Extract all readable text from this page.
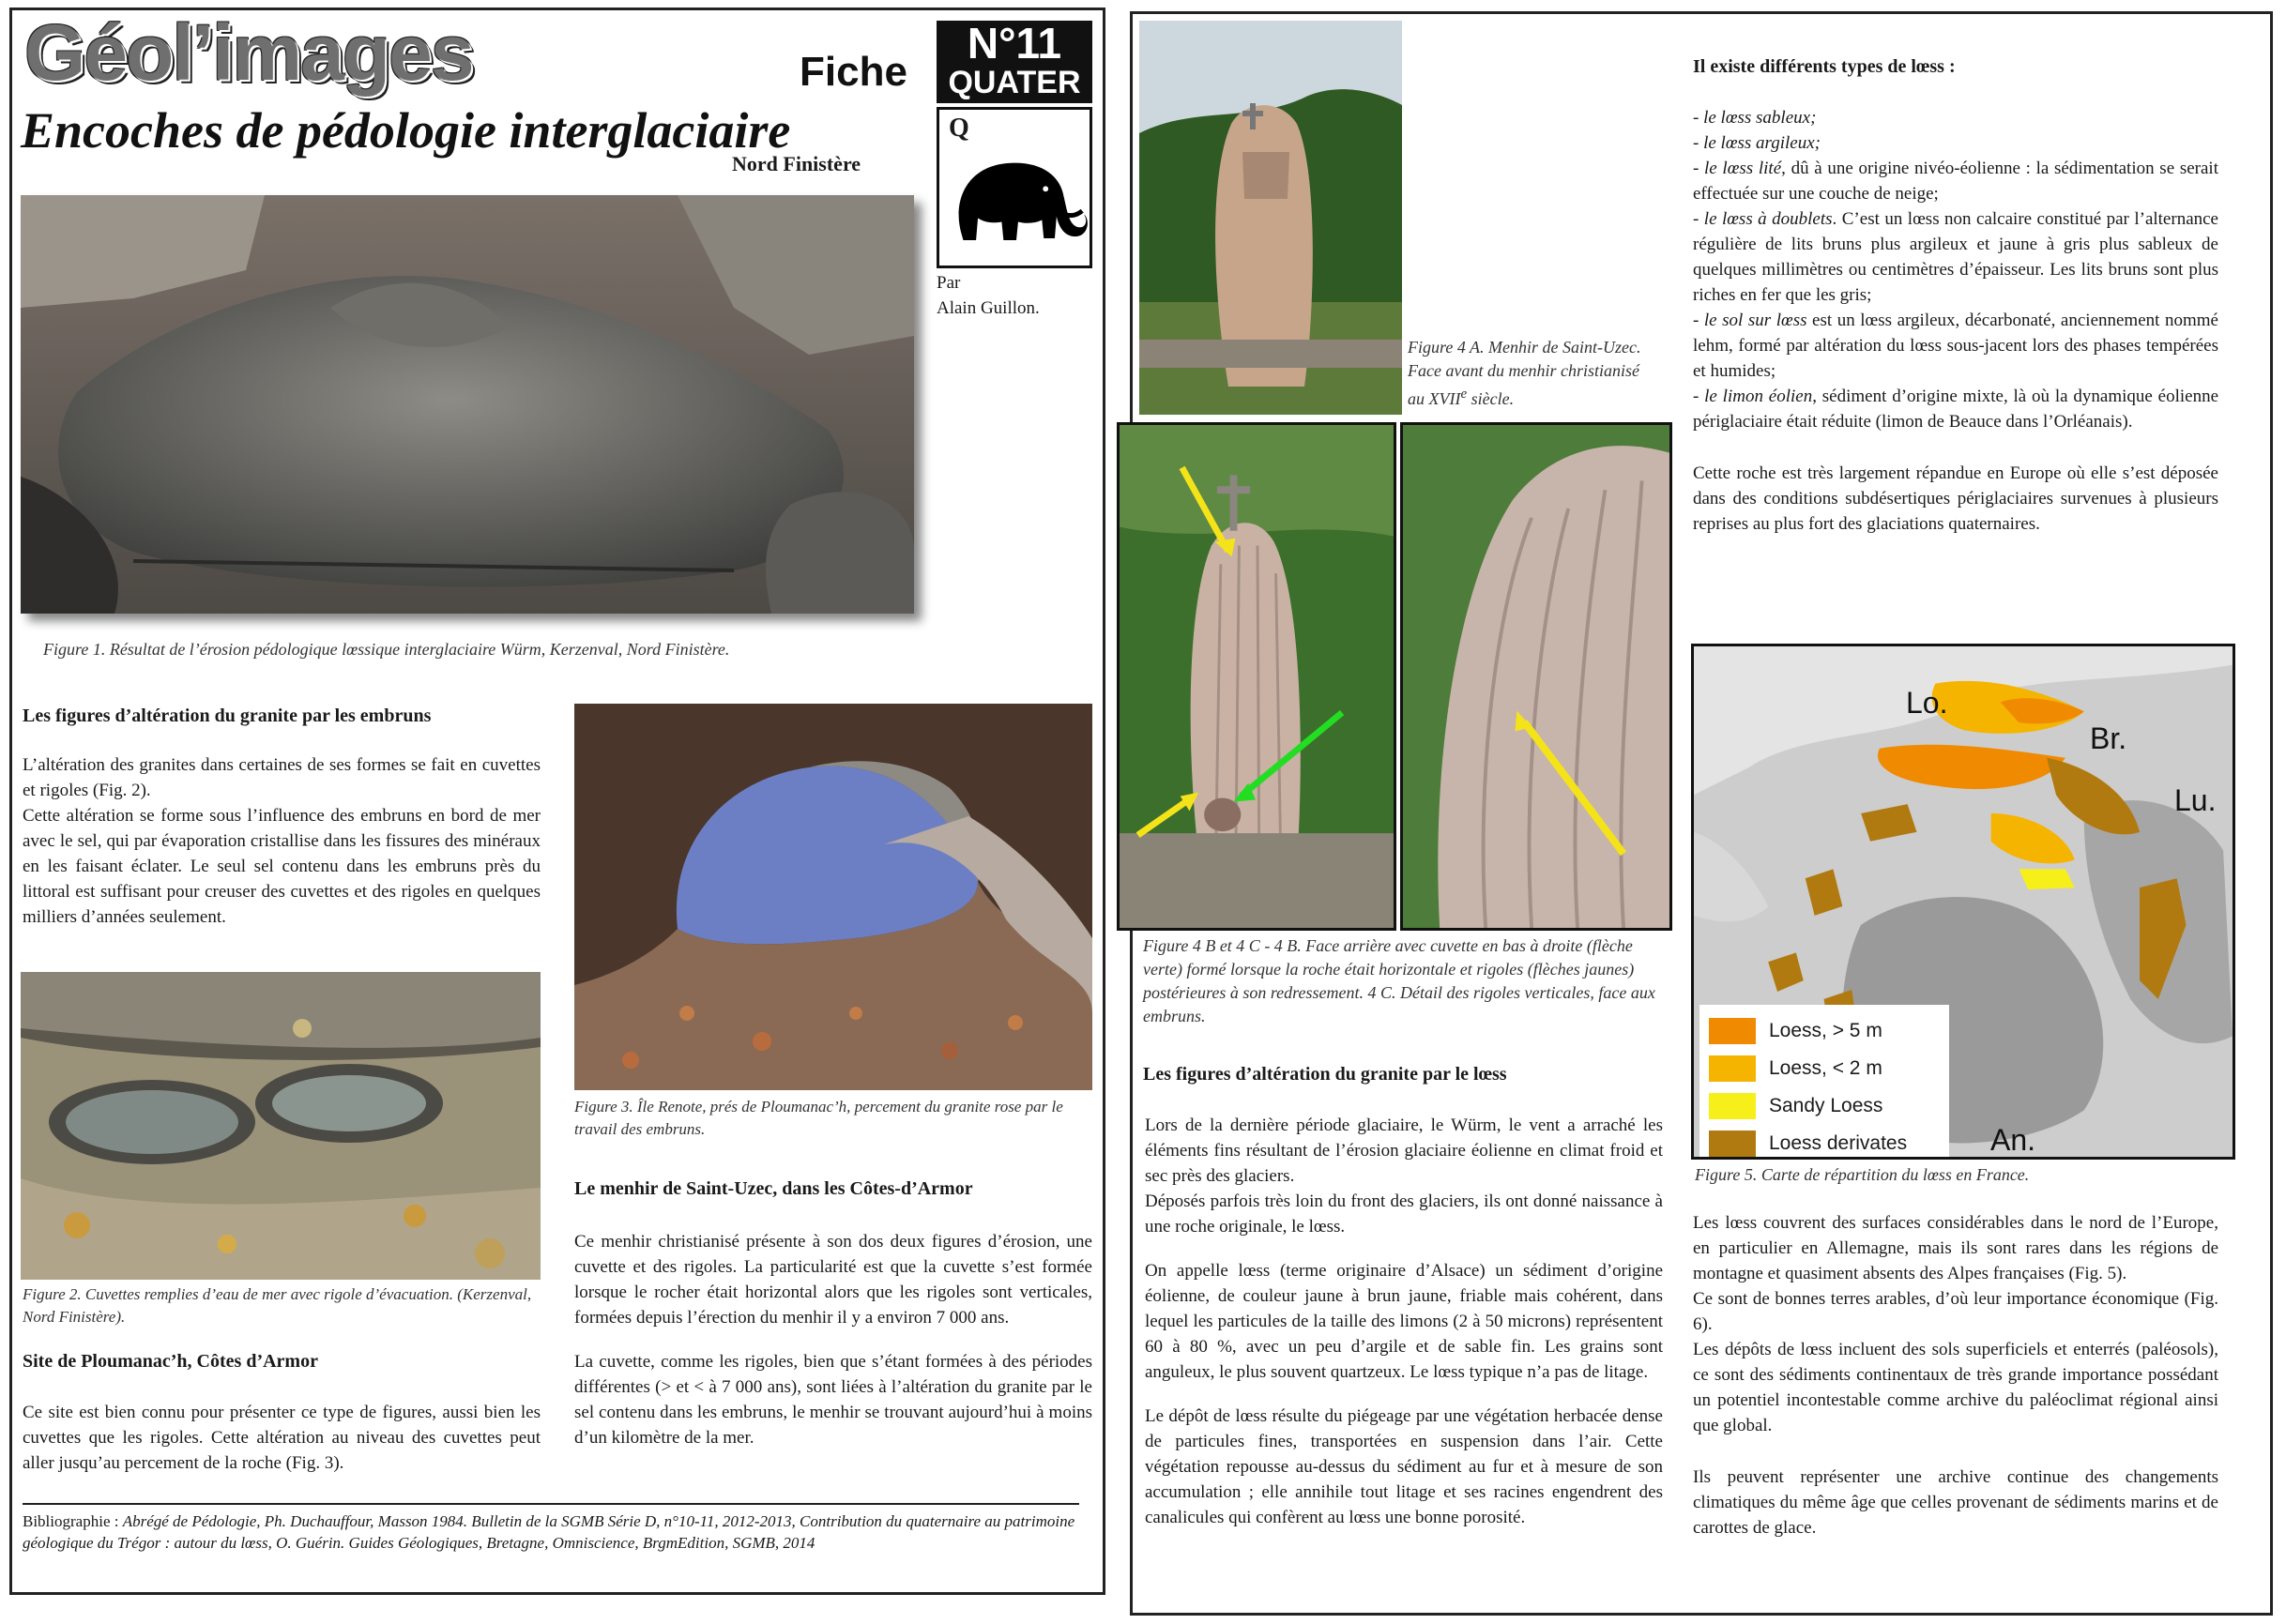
Géol’images	Fiche
N°11
QUATER
Q
Encoches de pédologie interglaciaire
Nord Finistère
Par
Alain Guillon.
Figure 1. Résultat de l’érosion pédologique lœssique interglaciaire Würm, Kerzenval, Nord Finistère.
Les figures d’altération du granite par les embruns

L’altération des granites dans certaines de ses formes se fait en cuvettes et rigoles (Fig. 2).

Cette altération se forme sous l’influence des embruns en bord de mer avec le sel, qui par évaporation cristallise dans les fissures des minéraux en les faisant éclater. Le seul sel contenu dans les embruns près du littoral est suffisant pour creuser des cuvettes et des rigoles en quelques milliers d’années seulement.

Figure 2. Cuvettes remplies d’eau de mer avec rigole d’évacuation. (Kerzenval, Nord Finistère).
Site de Ploumanac’h, Côtes d’Armor

Ce site est bien connu pour présenter ce type de figures, aussi bien les cuvettes que les rigoles. Cette altération au niveau des cuvettes peut aller jusqu’au percement de la roche (Fig. 3).

Figure 3. Île Renote, prés de Ploumanac’h, percement du granite rose par le travail des embruns.
Le menhir de Saint-Uzec, dans les Côtes-d’Armor

Ce menhir christianisé présente à son dos deux figures d’érosion, une cuvette et des rigoles. La particularité est que la cuvette s’est formée lorsque le rocher était horizontal alors que les rigoles sont verticales, formées depuis l’érection du menhir il y a environ 7 000 ans.

La cuvette, comme les rigoles, bien que s’étant formées à des périodes différentes (> et < à 7 000 ans), sont liées à l’altération du granite par le sel contenu dans les embruns, le menhir se trouvant aujourd’hui à moins d’un kilomètre de la mer.

Bibliographie : Abrégé de Pédologie, Ph. Duchauffour, Masson 1984. Bulletin de la SGMB Série D, n°10-11, 2012-2013, Contribution du quaternaire au patrimoine géologique du Trégor : autour du lœss, O. Guérin. Guides Géologiques, Bretagne, Omniscience, BrgmEdition, SGMB, 2014
Figure 4 A. Menhir de Saint-Uzec. Face avant du menhir christianisé au XVIIe siècle.
Figure 4 B et 4 C - 4 B. Face arrière avec cuvette en bas à droite (flèche verte) formé lorsque la roche était horizontale et rigoles (flèches jaunes) postérieures à son redressement. 4 C. Détail des rigoles verticales, face aux embruns.
Les figures d’altération du granite par le lœss

Lors de la dernière période glaciaire, le Würm, le vent a arraché les éléments fins résultant de l’érosion glaciaire éolienne en climat froid et sec près des glaciers.

Déposés parfois très loin du front des glaciers, ils ont donné naissance à une roche originale, le lœss.

On appelle lœss (terme originaire d’Alsace) un sédiment d’origine éolienne, de couleur jaune à brun jaune, friable mais cohérent, dans lequel les particules de la taille des limons (2 à 50 microns) représentent 60 à 80 %, avec un peu d’argile et de sable fin. Les grains sont anguleux, le plus souvent quartzeux. Le lœss typique n’a pas de litage.

Le dépôt de lœss résulte du piégeage par une végétation herbacée dense de particules fines, transportées en suspension dans l’air. Cette végétation repousse au-dessus du sédiment au fur et à mesure de son accumulation ; elle annihile tout litage et ses racines engendrent des canalicules qui confèrent au lœss une bonne porosité.

Il existe différents types de lœss :

- le lœss sableux;

- le lœss argileux;

- le lœss lité, dû à une origine nivéo-éolienne : la sédimentation se serait effectuée sur une couche de neige;

- le lœss à doublets. C’est un lœss non calcaire constitué par l’alternance régulière de lits bruns plus argileux et jaune à gris plus sableux de quelques millimètres ou centimètres d’épaisseur. Les lits bruns sont plus riches en fer que les gris;

- le sol sur lœss est un lœss argileux, décarbonaté, anciennement nommé lehm, formé par altération du lœss sous-jacent lors des phases tempérées et humides;

- le limon éolien, sédiment d’origine mixte, là où la dynamique éolienne périglaciaire était réduite (limon de Beauce dans l’Orléanais).

Cette roche est très largement répandue en Europe où elle s’est déposée dans des conditions subdésertiques périglaciaires survenues à plusieurs reprises au plus fort des glaciations quaternaires.

Lo.
Br.
Lu.
An.
Loess, > 5 m
Loess, < 2 m
Sandy Loess
Loess derivates
Figure 5. Carte de répartition du lœss en France.

Les lœss couvrent des surfaces considérables dans le nord de l’Europe, en particulier en Allemagne, mais ils sont rares dans les régions de montagne et quasiment absents des Alpes françaises (Fig. 5).

Ce sont de bonnes terres arables, d’où leur importance économique (Fig. 6).

Les dépôts de lœss incluent des sols superficiels et enterrés (paléosols), ce sont des sédiments continentaux de très grande importance possédant un potentiel incontestable comme archive du paléoclimat régional ainsi que global.

Ils peuvent représenter une archive continue des changements climatiques du même âge que celles provenant de sédiments marins et de carottes de glace.
